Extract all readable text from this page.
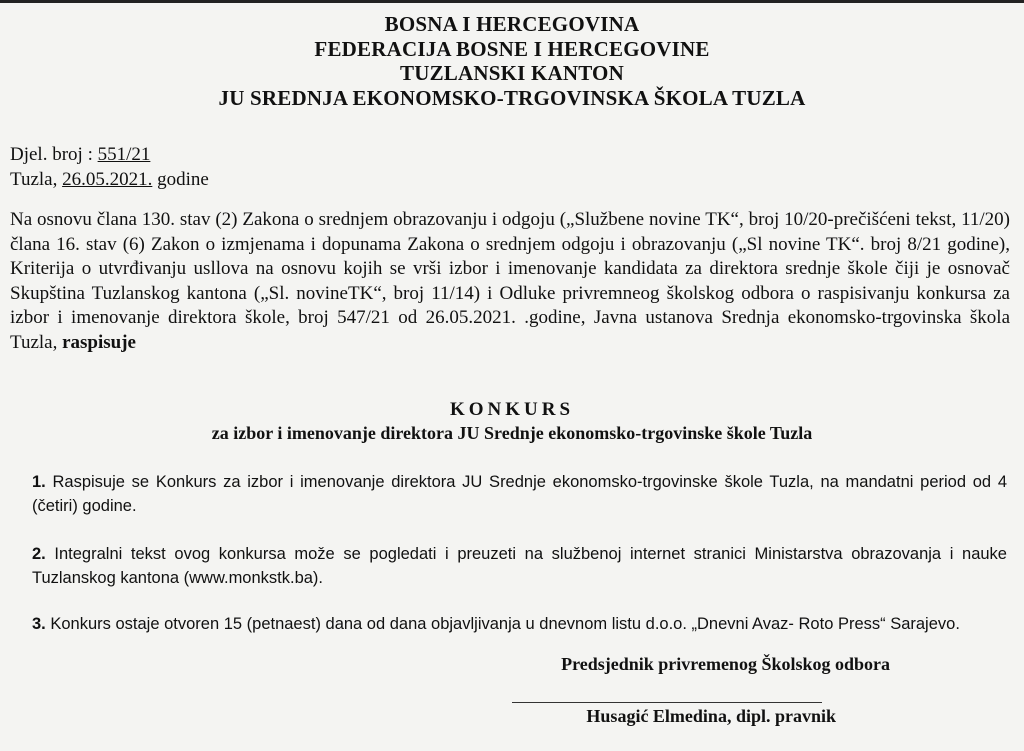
BOSNA I HERCEGOVINA
FEDERACIJA BOSNE I HERCEGOVINE
TUZLANSKI KANTON
JU SREDNJA EKONOMSKO-TRGOVINSKA ŠKOLA TUZLA
Djel. broj : 551/21
Tuzla, 26.05.2021. godine
Na osnovu člana 130. stav (2) Zakona o srednjem obrazovanju i odgoju („Službene novine TK“, broj 10/20-prečišćeni tekst, 11/20) člana 16. stav (6) Zakon o izmjenama i dopunama Zakona o srednjem odgoju i obrazovanju („Sl novine TK“. broj 8/21 godine), Kriterija o utvrđivanju usllova na osnovu kojih se vrši izbor i imenovanje kandidata za direktora srednje škole čiji je osnovač Skupština Tuzlanskog kantona („Sl. novineTK“, broj 11/14) i Odluke privremneog školskog odbora o raspisivanju konkursa za izbor i imenovanje direktora škole, broj 547/21 od 26.05.2021. .godine, Javna ustanova Srednja ekonomsko-trgovinska škola Tuzla, raspisuje
KONKURS
za izbor i imenovanje direktora JU Srednje ekonomsko-trgovinske škole Tuzla
1. Raspisuje se Konkurs za izbor i imenovanje direktora JU Srednje ekonomsko-trgovinske škole Tuzla, na mandatni period od 4 (četiri) godine.
2. Integralni tekst ovog konkursa može se pogledati i preuzeti na službenoj internet stranici Ministarstva obrazovanja i nauke Tuzlanskog kantona (www.monkstk.ba).
3. Konkurs ostaje otvoren 15 (petnaest) dana od dana objavljivanja u dnevnom listu d.o.o. „Dnevni Avaz- Roto Press“ Sarajevo.
Predsjednik privremenog Školskog odbora
Husagić Elmedina, dipl. pravnik
